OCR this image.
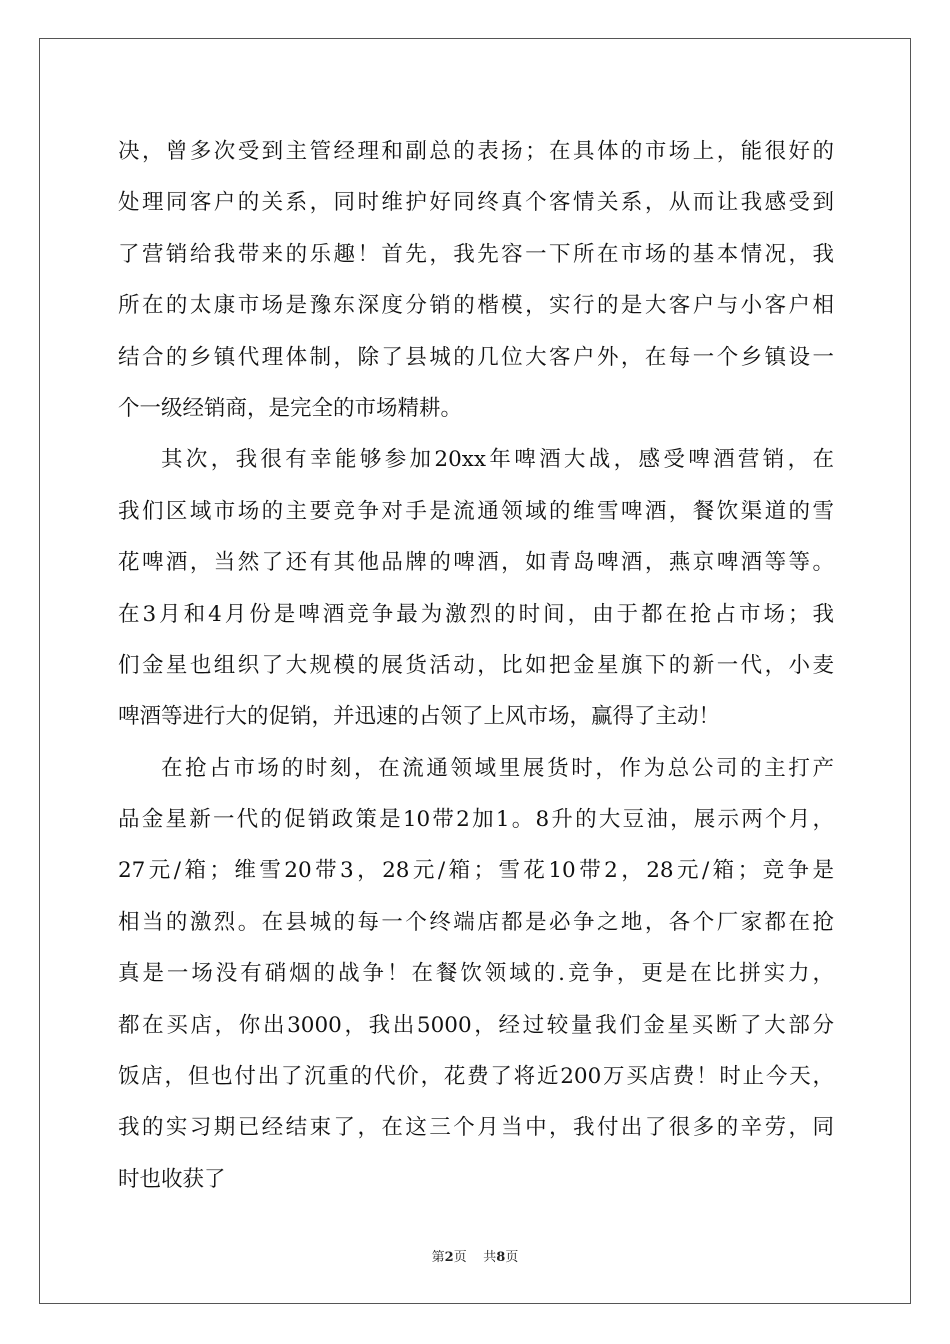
决，曾多次受到主管经理和副总的表扬；在具体的市场上，能很好的
处理同客户的关系，同时维护好同终真个客情关系，从而让我感受到
了营销给我带来的乐趣！首先，我先容一下所在市场的基本情况，我
所在的太康市场是豫东深度分销的楷模，实行的是大客户与小客户相
结合的乡镇代理体制，除了县城的几位大客户外，在每一个乡镇设一
个一级经销商，是完全的市场精耕。
其次，我很有幸能够参加20xx年啤酒大战，感受啤酒营销，在
我们区域市场的主要竞争对手是流通领域的维雪啤酒，餐饮渠道的雪
花啤酒，当然了还有其他品牌的啤酒，如青岛啤酒，燕京啤酒等等。
在3月和4月份是啤酒竞争最为激烈的时间，由于都在抢占市场；我
们金星也组织了大规模的展货活动，比如把金星旗下的新一代，小麦
啤酒等进行大的促销，并迅速的占领了上风市场，赢得了主动！
在抢占市场的时刻，在流通领域里展货时，作为总公司的主打产
品金星新一代的促销政策是10带2加1。8升的大豆油，展示两个月，
27元/箱；维雪20带3，28元/箱；雪花10带2，28元/箱；竞争是
相当的激烈。在县城的每一个终端店都是必争之地，各个厂家都在抢
真是一场没有硝烟的战争！在餐饮领域的.竞争，更是在比拼实力，
都在买店，你出3000，我出5000，经过较量我们金星买断了大部分
饭店，但也付出了沉重的代价，花费了将近200万买店费！时止今天，
我的实习期已经结束了，在这三个月当中，我付出了很多的辛劳，同
时也收获了
第2页 共8页
